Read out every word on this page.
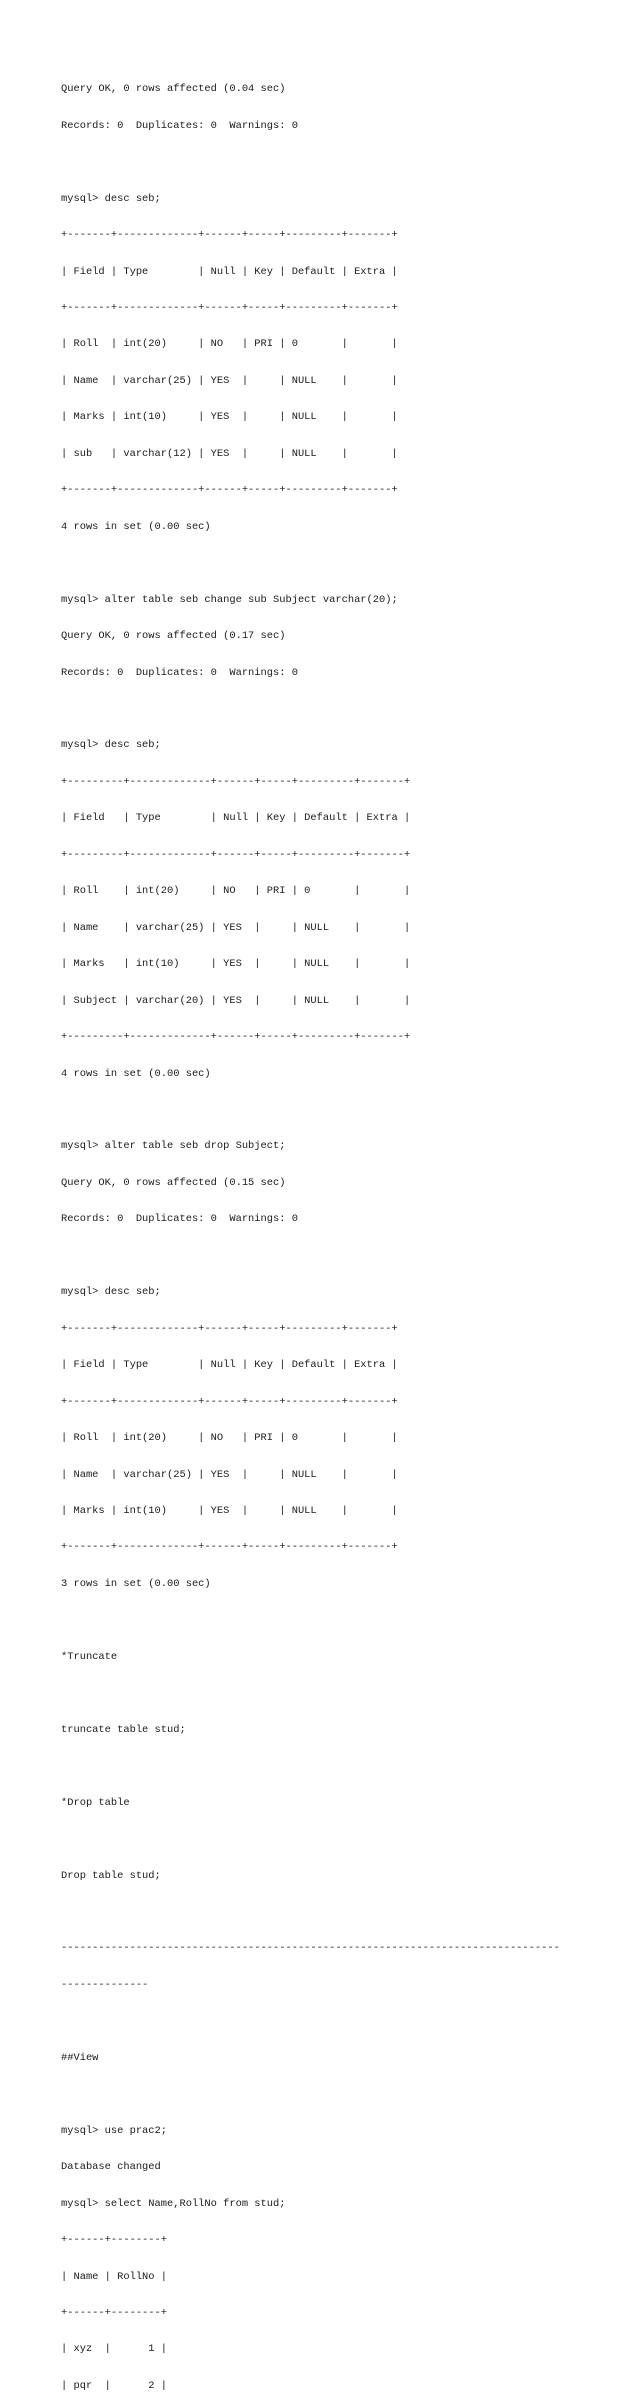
Query OK, 0 rows affected (0.04 sec)

Records: 0  Duplicates: 0  Warnings: 0

mysql> desc seb;

+-------+-------------+------+-----+---------+-------+

| Field | Type        | Null | Key | Default | Extra |

+-------+-------------+------+-----+---------+-------+

| Roll  | int(20)     | NO   | PRI | 0       |       |

| Name  | varchar(25) | YES  |     | NULL    |       |

| Marks | int(10)     | YES  |     | NULL    |       |

| sub   | varchar(12) | YES  |     | NULL    |       |

+-------+-------------+------+-----+---------+-------+

4 rows in set (0.00 sec)

mysql> alter table seb change sub Subject varchar(20);

Query OK, 0 rows affected (0.17 sec)

Records: 0  Duplicates: 0  Warnings: 0

mysql> desc seb;

+---------+-------------+------+-----+---------+-------+

| Field   | Type        | Null | Key | Default | Extra |

+---------+-------------+------+-----+---------+-------+

| Roll    | int(20)     | NO   | PRI | 0       |       |

| Name    | varchar(25) | YES  |     | NULL    |       |

| Marks   | int(10)     | YES  |     | NULL    |       |

| Subject | varchar(20) | YES  |     | NULL    |       |

+---------+-------------+------+-----+---------+-------+

4 rows in set (0.00 sec)

mysql> alter table seb drop Subject;

Query OK, 0 rows affected (0.15 sec)

Records: 0  Duplicates: 0  Warnings: 0

mysql> desc seb;

+-------+-------------+------+-----+---------+-------+

| Field | Type        | Null | Key | Default | Extra |

+-------+-------------+------+-----+---------+-------+

| Roll  | int(20)     | NO   | PRI | 0       |       |

| Name  | varchar(25) | YES  |     | NULL    |       |

| Marks | int(10)     | YES  |     | NULL    |       |

+-------+-------------+------+-----+---------+-------+

3 rows in set (0.00 sec)

*Truncate

truncate table stud;

*Drop table

Drop table stud;

--------------------------------------------------------------------------------

--------------

##View

mysql> use prac2;

Database changed

mysql> select Name,RollNo from stud;

+------+--------+

| Name | RollNo |

+------+--------+

| xyz  |      1 |

| pqr  |      2 |
